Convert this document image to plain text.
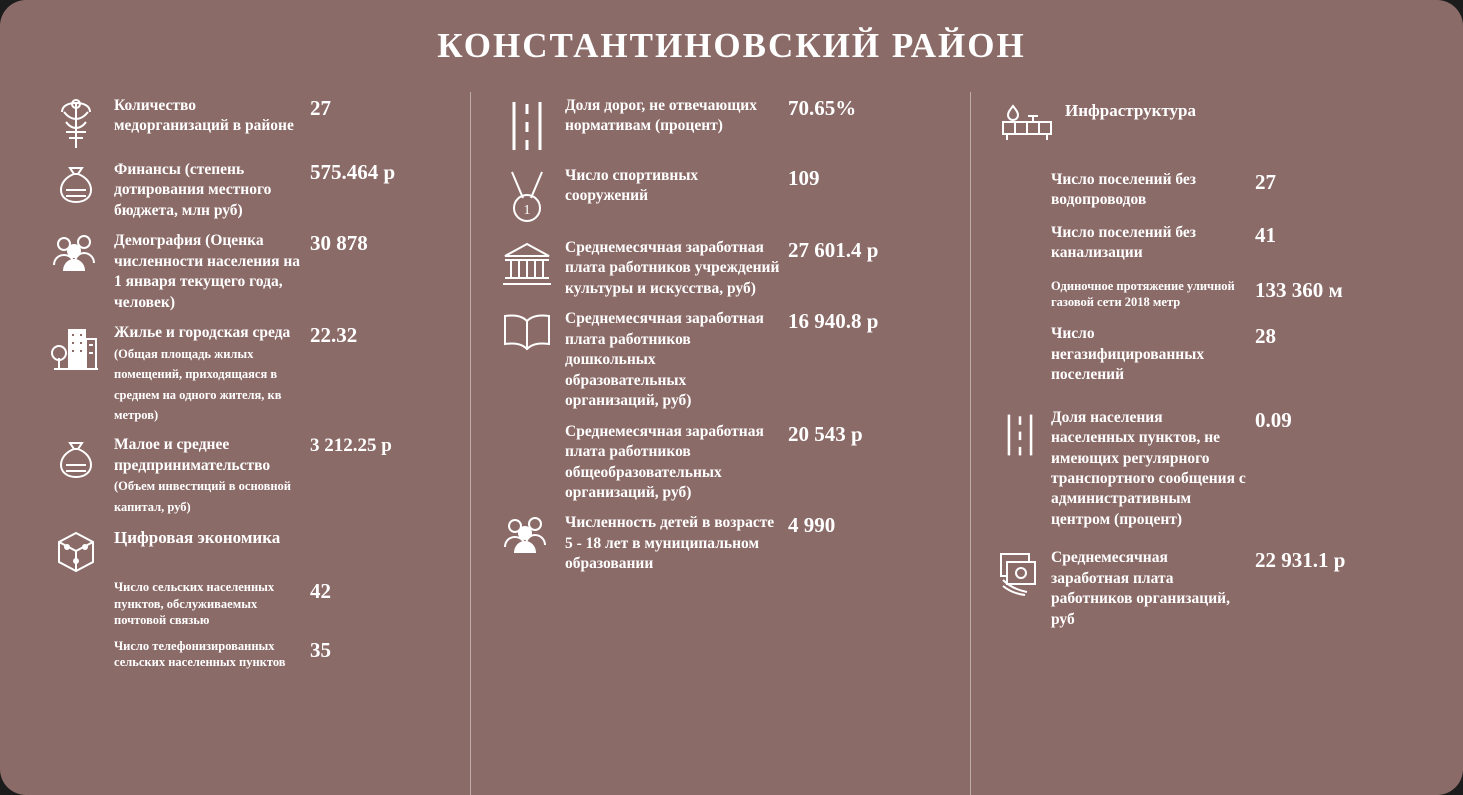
КОНСТАНТИНОВСКИЙ РАЙОН
Количество медорганизаций в районе
27
Финансы (степень дотирования местного бюджета, млн руб)
575.464 р
Демография (Оценка численности населения на 1 января текущего года, человек)
30 878
Жилье и городская среда (Общая площадь жилых помещений, приходящаяся в среднем на одного жителя, кв метров)
22.32
Малое и среднее предпринимательство (Объем инвестиций в основной капитал, руб)
3 212.25 р
Цифровая экономика
Число сельских населенных пунктов, обслуживаемых почтовой связью
42
Число телефонизированных сельских населенных пунктов
35
Доля дорог, не отвечающих нормативам (процент)
70.65%
1
Число спортивных сооружений
109
Среднемесячная заработная плата работников учреждений культуры и искусства, руб)
27 601.4 р
Среднемесячная заработная плата работников дошкольных образовательных организаций, руб)
16 940.8 р
Среднемесячная заработная плата работников общеобразовательных организаций, руб)
20 543 р
Численность детей в возрасте 5 - 18 лет в муниципальном образовании
4 990
Инфраструктура
Число поселений без водопроводов
27
Число поселений без канализации
41
Одиночное протяжение уличной газовой сети 2018 метр
133 360 м
Число негазифицированных поселений
28
Доля населения населенных пунктов, не имеющих регулярного транспортного сообщения с административным центром (процент)
0.09
Среднемесячная заработная плата работников организаций, руб
22 931.1 р
